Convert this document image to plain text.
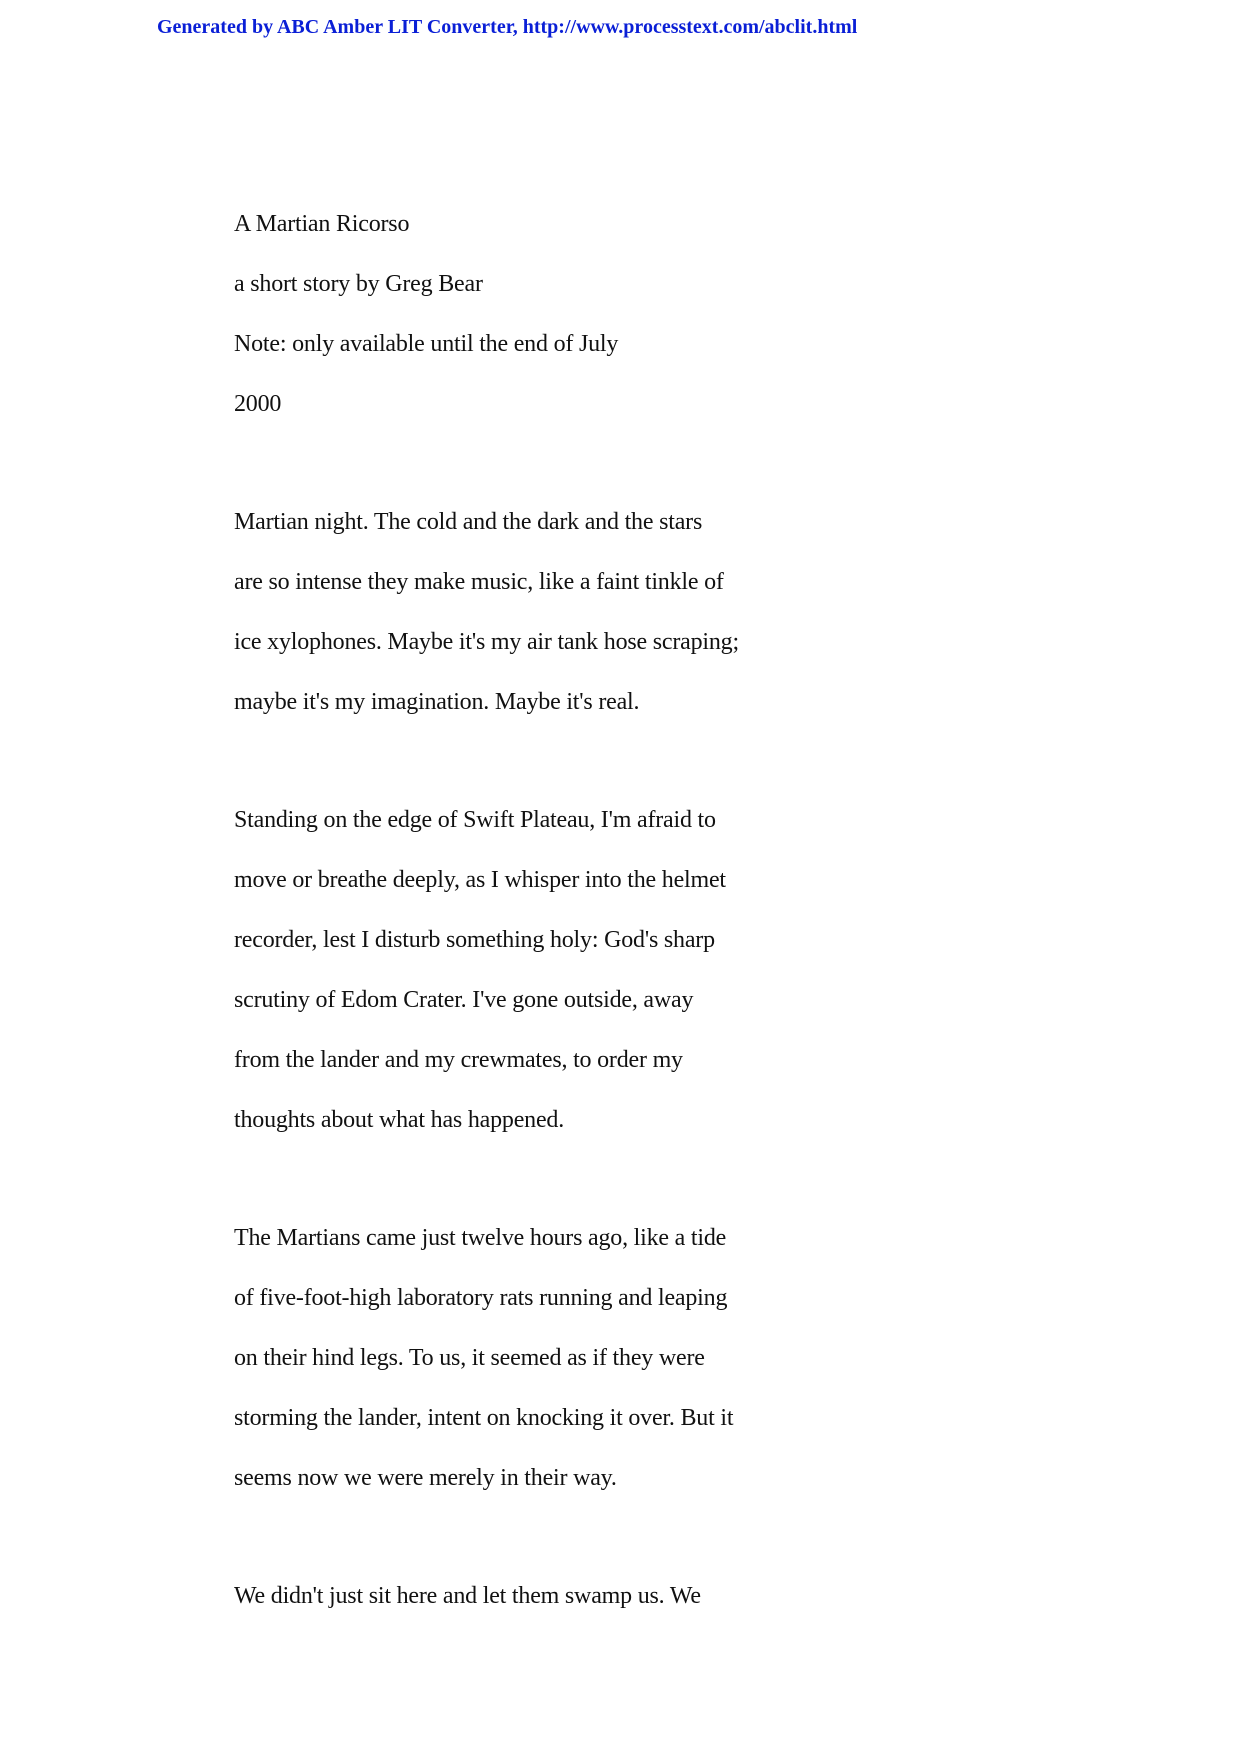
Generated by ABC Amber LIT Converter, http://www.processtext.com/abclit.html
A Martian Ricorso
a short story by Greg Bear
Note: only available until the end of July
2000
Martian night. The cold and the dark and the stars
are so intense they make music, like a faint tinkle of
ice xylophones. Maybe it's my air tank hose scraping;
maybe it's my imagination. Maybe it's real.
Standing on the edge of Swift Plateau, I'm afraid to
move or breathe deeply, as I whisper into the helmet
recorder, lest I disturb something holy: God's sharp
scrutiny of Edom Crater. I've gone outside, away
from the lander and my crewmates, to order my
thoughts about what has happened.
The Martians came just twelve hours ago, like a tide
of five-foot-high laboratory rats running and leaping
on their hind legs. To us, it seemed as if they were
storming the lander, intent on knocking it over. But it
seems now we were merely in their way.
We didn't just sit here and let them swamp us. We
